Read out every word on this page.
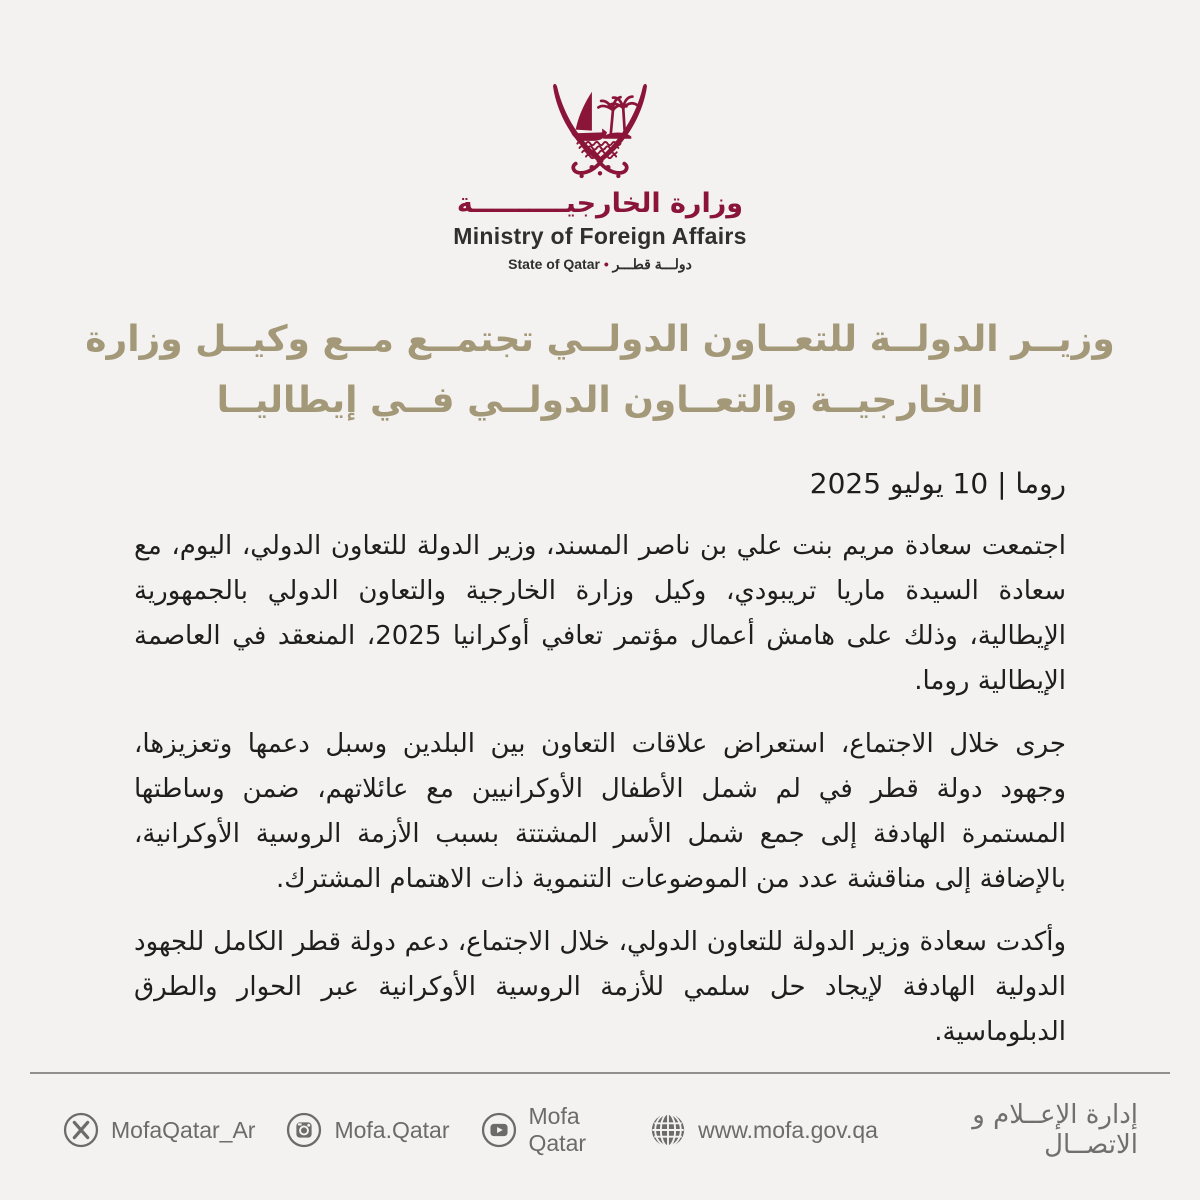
وزارة الخارجيــــــــــة
Ministry of Foreign Affairs
State of Qatar • دولـــة قطـــر
وزيــر الدولــة للتعــاون الدولــي تجتمــع مــع وكيــل وزارة
الخارجيــة والتعــاون الدولــي فــي إيطاليــا
روما | 10 يوليو 2025

اجتمعت سعادة مريم بنت علي بن ناصر المسند، وزير الدولة للتعاون الدولي، اليوم، مع سعادة السيدة ماريا تريبودي، وكيل وزارة الخارجية والتعاون الدولي بالجمهورية الإيطالية، وذلك على هامش أعمال مؤتمر تعافي أوكرانيا 2025، المنعقد في العاصمة الإيطالية روما.

جرى خلال الاجتماع، استعراض علاقات التعاون بين البلدين وسبل دعمها وتعزيزها، وجهود دولة قطر في لم شمل الأطفال الأوكرانيين مع عائلاتهم، ضمن وساطتها المستمرة الهادفة إلى جمع شمل الأسر المشتتة بسبب الأزمة الروسية الأوكرانية، بالإضافة إلى مناقشة عدد من الموضوعات التنموية ذات الاهتمام المشترك.

وأكدت سعادة وزير الدولة للتعاون الدولي، خلال الاجتماع، دعم دولة قطر الكامل للجهود الدولية الهادفة لإيجاد حل سلمي للأزمة الروسية الأوكرانية عبر الحوار والطرق الدبلوماسية.

MofaQatar_Ar	Mofa.Qatar
Mofa Qatar
www.mofa.gov.qa	إدارة الإعــلام و الاتصــال
